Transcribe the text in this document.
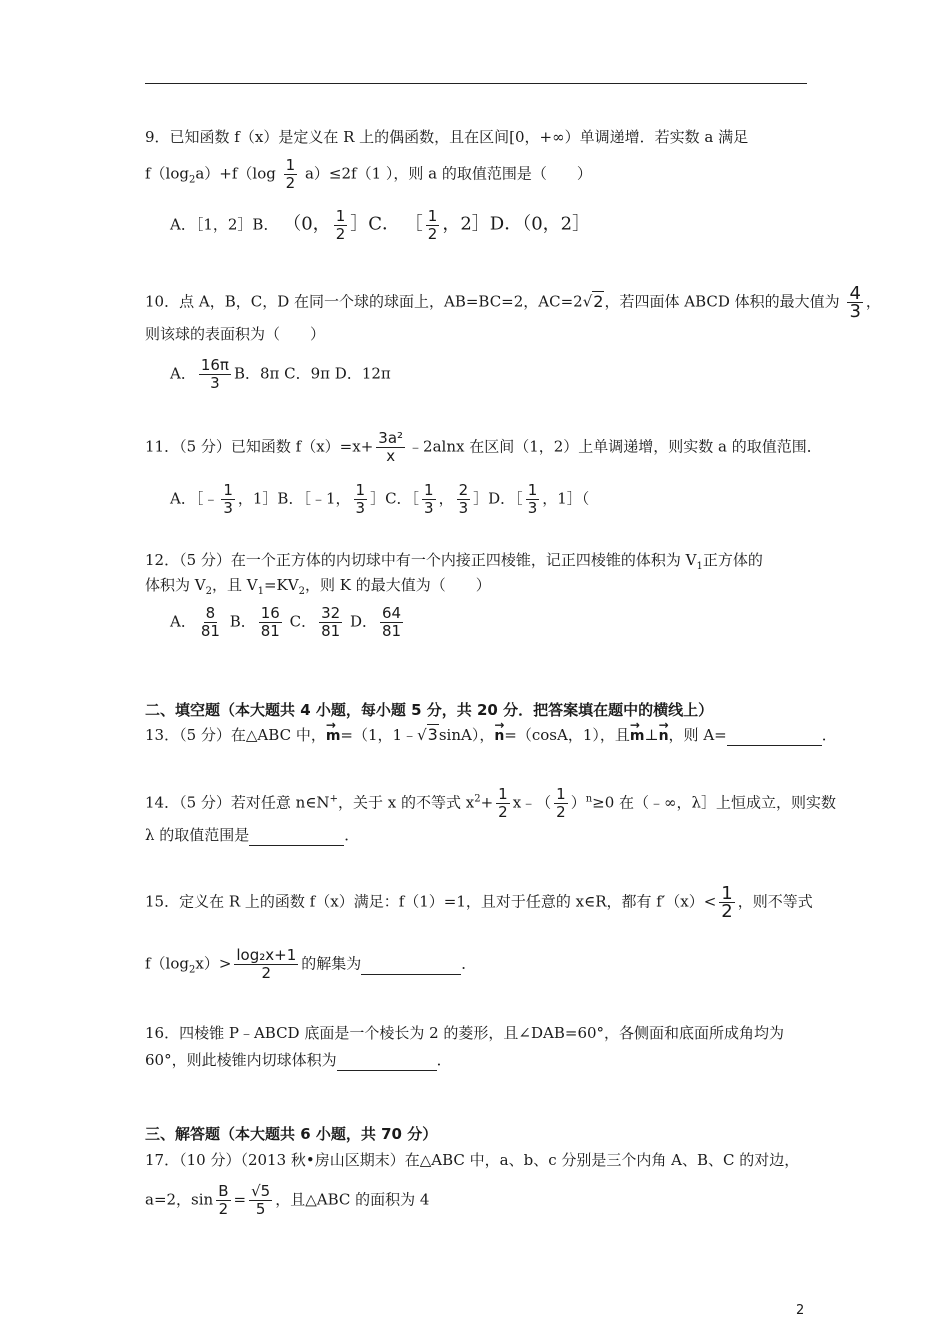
9．已知函数 f（x）是定义在 R 上的偶函数，且在区间[0，+∞）单调递增．若实数 a 满足
$f(\log_2a)+f(\log \frac{1}{2} a)\le 2f(1$ ），则 a 的取值范围是（　　）
A．［1，2］B． （0， $\frac{1}{2}$ ］C． ［ $\frac{1}{2}$ ，2］D．（0，2］
10．点 A，B，C，D 在同一个球的球面上，AB=BC=2，AC=2√2，若四面体 ABCD 体积的最大值为 $\frac{4}{3}$ ，
则该球的表面积为（　　）
A． $\frac{16\pi}{3}$ B．8π C．9π D．12π
11．（5 分）已知函数 $f(x)=x+ \frac{\text{3a²}}{x}$ ﹣2alnx 在区间（1，2）上单调递增，则实数 a 的取值范围．
A．［﹣ $\frac{1}{3}$ ，1］B．［﹣1， $\frac{1}{3}$ ］C．［ $\frac{1}{3}$ ， $\frac{2}{3}$ ］D．［ $\frac{1}{3}$ ，1］（
12．（5 分）在一个正方体的内切球中有一个内接正四棱锥，记正四棱锥的体积为 $V_1$正方体的
体积为 $V_2$，且 $V_1=KV_2$，则 K 的最大值为（　　）
A． $\frac{8}{81}$ B． $\frac{16}{81}$ C． $\frac{32}{81}$ D． $\frac{64}{81}$
二、填空题（本大题共 4 小题，每小题 5 分，共 20 分．把答案填在题中的横线上）
13．（5 分）在△ABC 中，→ m=（1，1﹣√3sinA），→ n=（cosA，1），且→ m⊥→ n，则 A=	．
14．（5 分）若对任意 n∈N+，关于 x 的不等式 $x^2+ \frac{1}{2}$ x﹣（ $\frac{1}{2} )^n\ge 0$ 在（﹣∞，λ］上恒成立，则实数
λ 的取值范围是	．
15．定义在 R 上的函数 f（x）满足：f（1）=1，且对于任意的 x∈R，都有 $f'(x)< \frac{1}{2}$ ，则不等式
$f(\log_2x)> \frac{\text{log₂x+1}}{2}$ 的解集为	．
16．四棱锥 P﹣ABCD 底面是一个棱长为 2 的菱形，且∠DAB=60°，各侧面和底面所成角均为
60°，则此棱锥内切球体积为	．
三、解答题（本大题共 6 小题，共 70 分）
17．（10 分）（2013 秋•房山区期末）在△ABC 中，a、b、c 分别是三个内角 A、B、C 的对边，
a=2，$\sin \frac{B}{2} = \frac{√5}{5}$ ，且△ABC 的面积为 4
2
